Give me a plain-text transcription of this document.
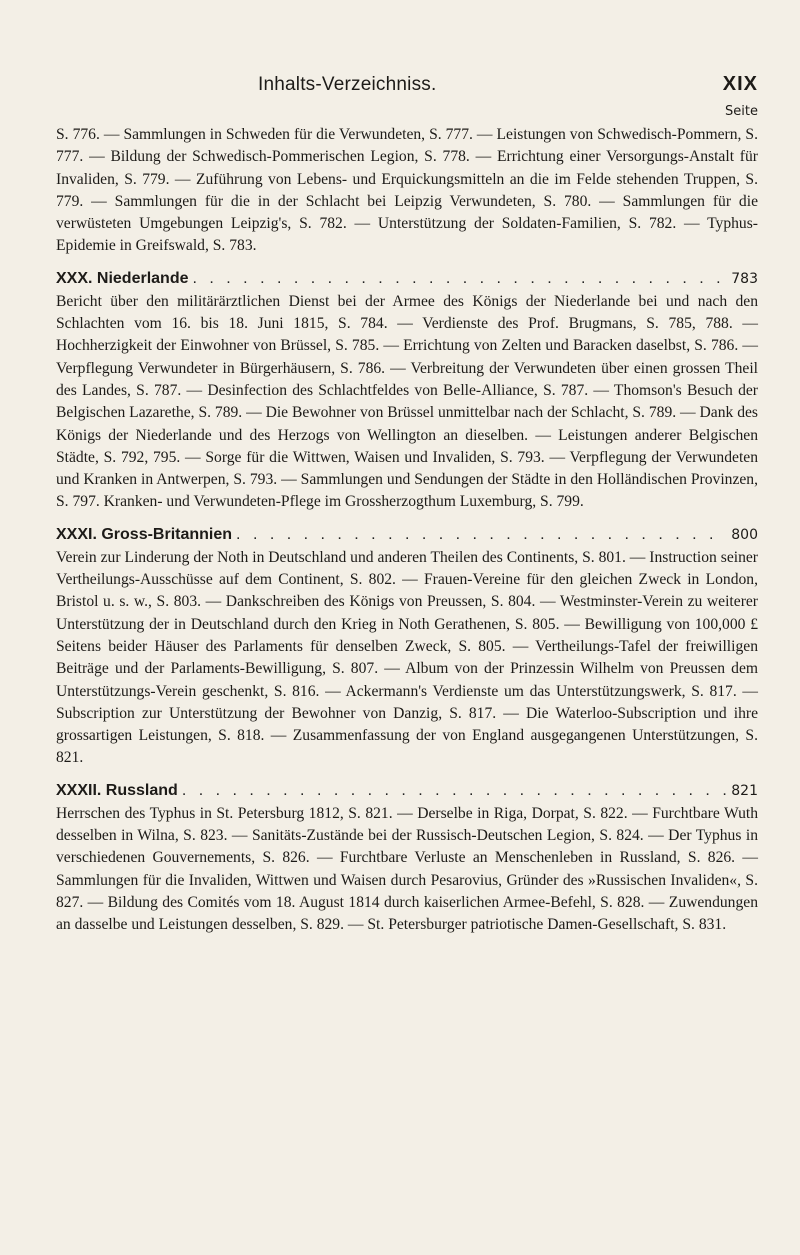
Inhalts-Verzeichniss.	XIX
Seite

S. 776. — Sammlungen in Schweden für die Verwundeten, S. 777. — Leistungen von Schwedisch-Pommern, S. 777. — Bildung der Schwedisch-Pommerischen Legion, S. 778. — Errichtung einer Versorgungs-Anstalt für Invaliden, S. 779. — Zuführung von Lebens- und Erquickungsmitteln an die im Felde stehenden Truppen, S. 779. — Sammlungen für die in der Schlacht bei Leipzig Verwundeten, S. 780. — Sammlungen für die verwüsteten Umgebungen Leipzig's, S. 782. — Unterstützung der Soldaten-Familien, S. 782. — Typhus-Epidemie in Greifswald, S. 783.

XXX. Niederlande . . .	783

Bericht über den militärärztlichen Dienst bei der Armee des Königs der Niederlande bei und nach den Schlachten vom 16. bis 18. Juni 1815, S. 784. — Verdienste des Prof. Brugmans, S. 785, 788. — Hochherzigkeit der Einwohner von Brüssel, S. 785. — Errichtung von Zelten und Baracken daselbst, S. 786. — Verpflegung Verwundeter in Bürgerhäusern, S. 786. — Verbreitung der Verwundeten über einen grossen Theil des Landes, S. 787. — Desinfection des Schlachtfeldes von Belle-Alliance, S. 787. — Thomson's Besuch der Belgischen Lazarethe, S. 789. — Die Bewohner von Brüssel unmittelbar nach der Schlacht, S. 789. — Dank des Königs der Niederlande und des Herzogs von Wellington an dieselben. — Leistungen anderer Belgischen Städte, S. 792, 795. — Sorge für die Wittwen, Waisen und Invaliden, S. 793. — Verpflegung der Verwundeten und Kranken in Antwerpen, S. 793. — Sammlungen und Sendungen der Städte in den Holländischen Provinzen, S. 797. Kranken- und Verwundeten-Pflege im Grossherzogthum Luxemburg, S. 799.

XXXI. Gross-Britannien . . .	800

Verein zur Linderung der Noth in Deutschland und anderen Theilen des Continents, S. 801. — Instruction seiner Vertheilungs-Ausschüsse auf dem Continent, S. 802. — Frauen-Vereine für den gleichen Zweck in London, Bristol u. s. w., S. 803. — Dankschreiben des Königs von Preussen, S. 804. — Westminster-Verein zu weiterer Unterstützung der in Deutschland durch den Krieg in Noth Gerathenen, S. 805. — Bewilligung von 100,000 £ Seitens beider Häuser des Parlaments für denselben Zweck, S. 805. — Vertheilungs-Tafel der freiwilligen Beiträge und der Parlaments-Bewilligung, S. 807. — Album von der Prinzessin Wilhelm von Preussen dem Unterstützungs-Verein geschenkt, S. 816. — Ackermann's Verdienste um das Unterstützungswerk, S. 817. — Subscription zur Unterstützung der Bewohner von Danzig, S. 817. — Die Waterloo-Subscription und ihre grossartigen Leistungen, S. 818. — Zusammenfassung der von England ausgegangenen Unterstützungen, S. 821.

XXXII. Russland . . .	821

Herrschen des Typhus in St. Petersburg 1812, S. 821. — Derselbe in Riga, Dorpat, S. 822. — Furchtbare Wuth desselben in Wilna, S. 823. — Sanitäts-Zustände bei der Russisch-Deutschen Legion, S. 824. — Der Typhus in verschiedenen Gouvernements, S. 826. — Furchtbare Verluste an Menschenleben in Russland, S. 826. — Sammlungen für die Invaliden, Wittwen und Waisen durch Pesarovius, Gründer des »Russischen Invaliden«, S. 827. — Bildung des Comités vom 18. August 1814 durch kaiserlichen Armee-Befehl, S. 828. — Zuwendungen an dasselbe und Leistungen desselben, S. 829. — St. Petersburger patriotische Damen-Gesellschaft, S. 831.
